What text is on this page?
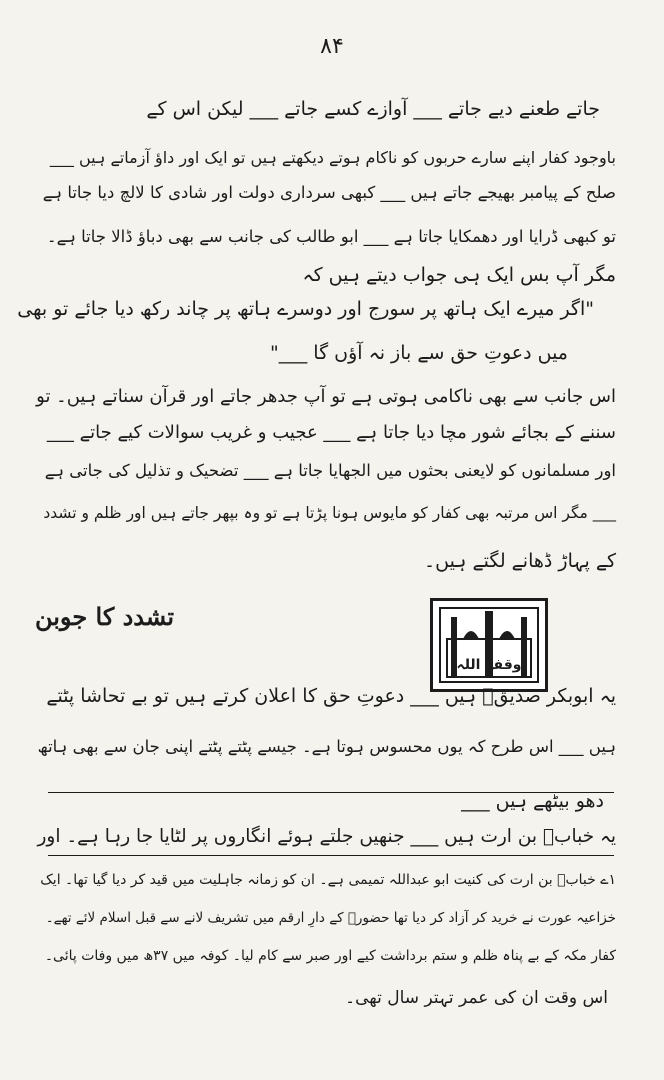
۸۴
جاتے طعنے دیے جاتے ___ آوازے کسے جاتے ___ لیکن اس کے
باوجود کفار اپنے سارے حربوں کو ناکام ہوتے دیکھتے ہیں تو ایک اور داؤ آزماتے ہیں ___
صلح کے پیامبر بھیجے جاتے ہیں ___ کبھی سرداری دولت اور شادی کا لالچ دیا جاتا ہے
تو کبھی ڈرایا اور دھمکایا جاتا ہے ___ ابو طالب کی جانب سے بھی دباؤ ڈالا جاتا ہے۔
مگر آپ بس ایک ہی جواب دیتے ہیں کہ
"اگر میرے ایک ہاتھ پر سورج اور دوسرے ہاتھ پر چاند رکھ دیا جائے تو بھی
میں دعوتِ حق سے باز نہ آؤں گا ___"
اس جانب سے بھی ناکامی ہوتی ہے تو آپ جدھر جاتے اور قرآن سناتے ہیں۔ تو
سننے کے بجائے شور مچا دیا جاتا ہے ___ عجیب و غریب سوالات کیے جاتے ___
اور مسلمانوں کو لایعنی بحثوں میں الجھایا جاتا ہے ___ تضحیک و تذلیل کی جاتی ہے
___ مگر اس مرتبہ بھی کفار کو مایوس ہونا پڑتا ہے تو وہ بپھر جاتے ہیں اور ظلم و تشدد
کے پہاڑ ڈھانے لگتے ہیں۔
وقفہ اللہ
تشدد کا جوبن
یہ ابوبکر صدیقؓ ہیں ___ دعوتِ حق کا اعلان کرتے ہیں تو بے تحاشا پٹتے
ہیں ___ اس طرح کہ یوں محسوس ہوتا ہے۔ جیسے پٹتے پٹتے اپنی جان سے بھی ہاتھ
دھو بیٹھے ہیں ___
یہ خبابؓ بن ارت ہیں ___ جنھیں جلتے ہوئے انگاروں پر لٹایا جا رہا ہے۔ اور
۱ے خبابؓ بن ارت کی کنیت ابو عبداللہ تمیمی ہے۔ ان کو زمانہ جاہلیت میں قید کر دیا گیا تھا۔ ایک
خزاعیہ عورت نے خرید کر آزاد کر دیا تھا حضورؐ کے دارِ ارقم میں تشریف لانے سے قبل اسلام لائے تھے۔
کفار مکہ کے بے پناہ ظلم و ستم برداشت کیے اور صبر سے کام لیا۔ کوفہ میں ۳۷ھ میں وفات پائی۔
اس وقت ان کی عمر تہتر سال تھی۔
